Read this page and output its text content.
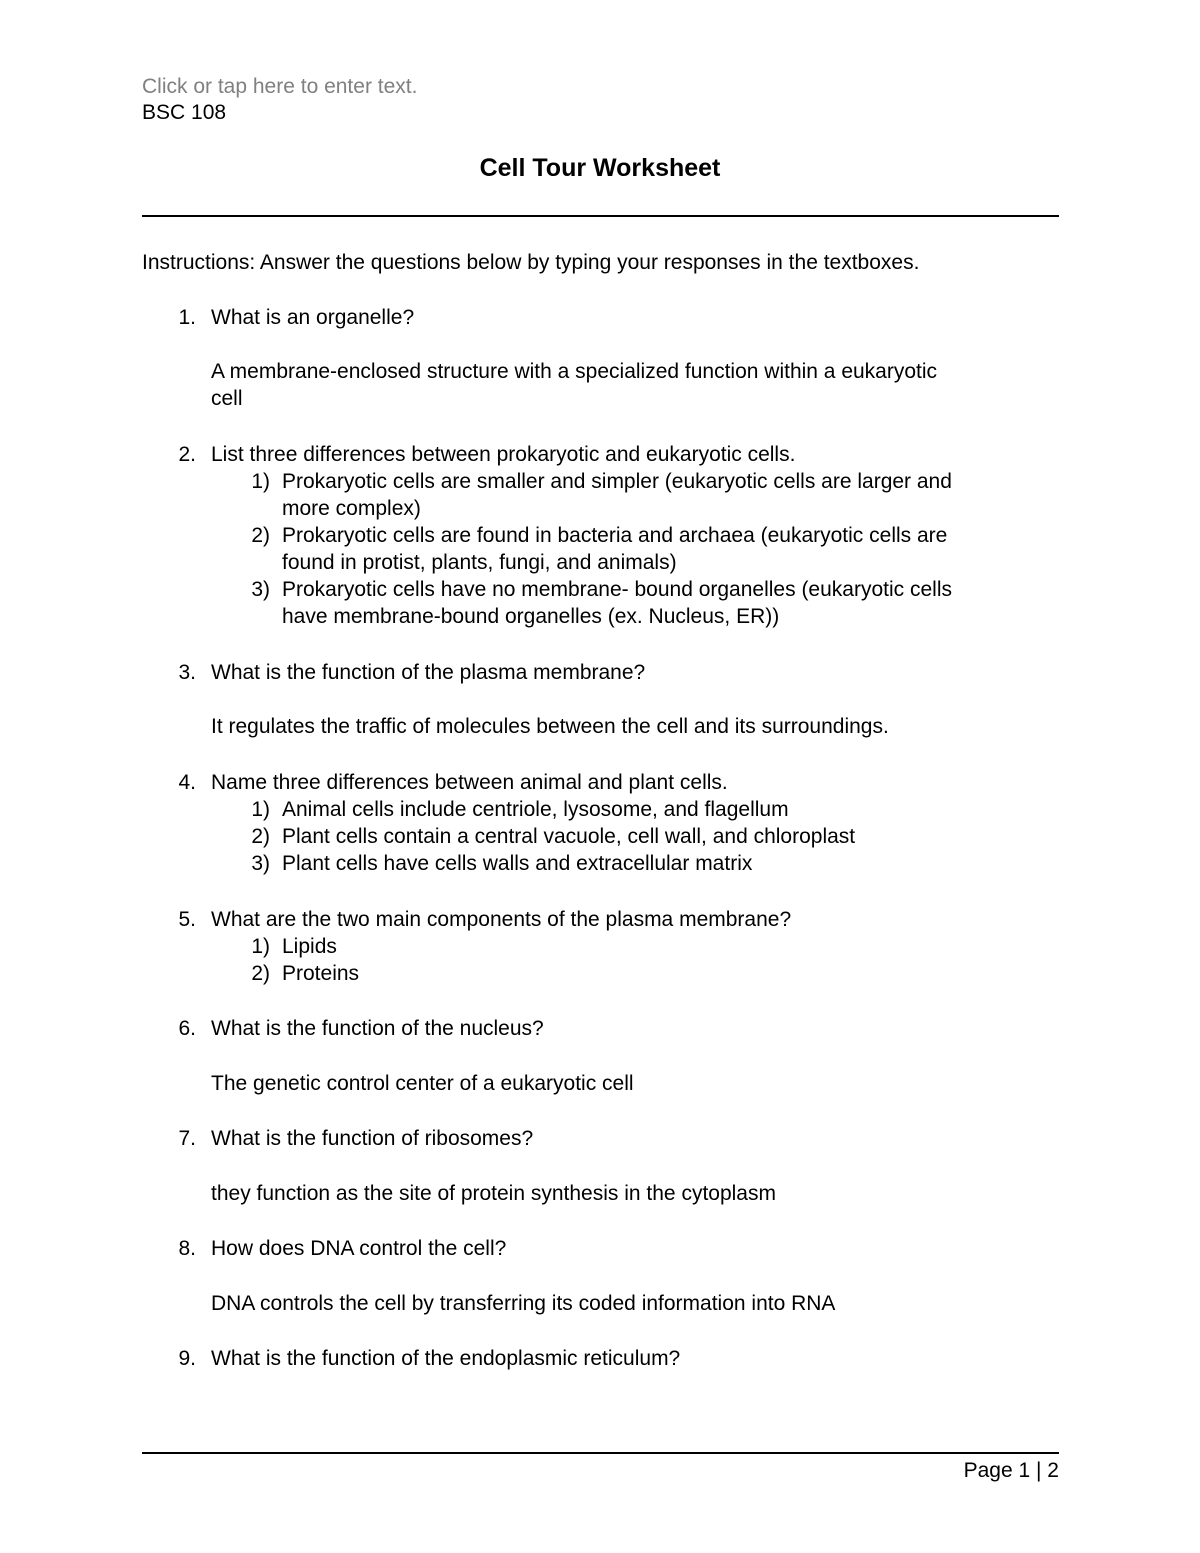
Click or tap here to enter text.
BSC 108
Cell Tour Worksheet
Instructions: Answer the questions below by typing your responses in the textboxes.
1. What is an organelle?
A membrane-enclosed structure with a specialized function within a eukaryotic
cell
2. List three differences between prokaryotic and eukaryotic cells.
1) Prokaryotic cells are smaller and simpler (eukaryotic cells are larger and
more complex)
2) Prokaryotic cells are found in bacteria and archaea (eukaryotic cells are
found in protist, plants, fungi, and animals)
3) Prokaryotic cells have no membrane- bound organelles (eukaryotic cells
have membrane-bound organelles (ex. Nucleus, ER))
3. What is the function of the plasma membrane?
It regulates the traffic of molecules between the cell and its surroundings.
4. Name three differences between animal and plant cells.
1) Animal cells include centriole, lysosome, and flagellum
2) Plant cells contain a central vacuole, cell wall, and chloroplast
3) Plant cells have cells walls and extracellular matrix
5. What are the two main components of the plasma membrane?
1) Lipids
2) Proteins
6. What is the function of the nucleus?
The genetic control center of a eukaryotic cell
7. What is the function of ribosomes?
they function as the site of protein synthesis in the cytoplasm
8. How does DNA control the cell?
DNA controls the cell by transferring its coded information into RNA
9. What is the function of the endoplasmic reticulum?
Page 1 | 2
